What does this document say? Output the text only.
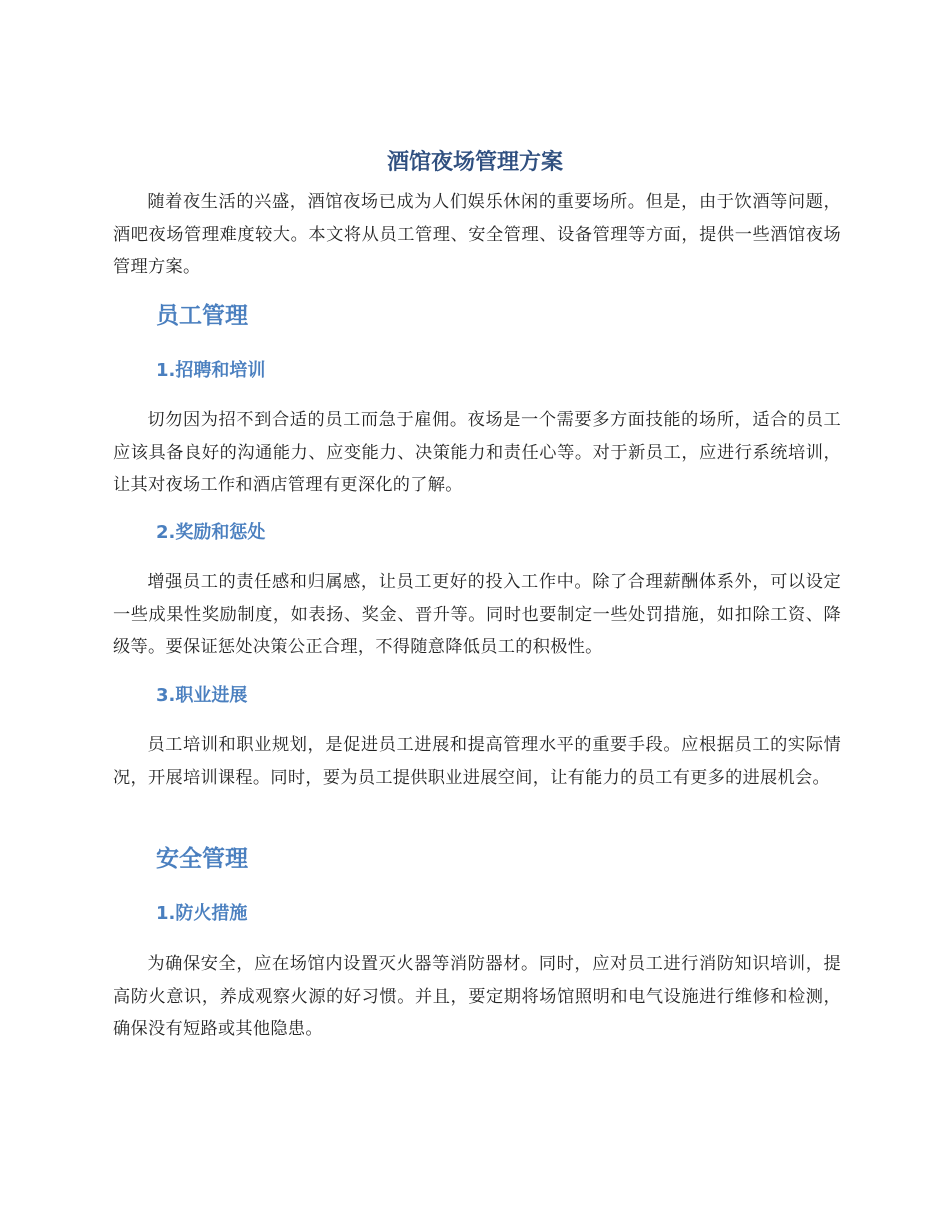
酒馆夜场管理方案

随着夜生活的兴盛，酒馆夜场已成为人们娱乐休闲的重要场所。但是，由于饮酒等问题，酒吧夜场管理难度较大。本文将从员工管理、安全管理、设备管理等方面，提供一些酒馆夜场管理方案。

员工管理
1.招聘和培训

切勿因为招不到合适的员工而急于雇佣。夜场是一个需要多方面技能的场所，适合的员工应该具备良好的沟通能力、应变能力、决策能力和责任心等。对于新员工，应进行系统培训，让其对夜场工作和酒店管理有更深化的了解。

2.奖励和惩处

增强员工的责任感和归属感，让员工更好的投入工作中。除了合理薪酬体系外，可以设定一些成果性奖励制度，如表扬、奖金、晋升等。同时也要制定一些处罚措施，如扣除工资、降级等。要保证惩处决策公正合理，不得随意降低员工的积极性。

3.职业进展

员工培训和职业规划，是促进员工进展和提高管理水平的重要手段。应根据员工的实际情况，开展培训课程。同时，要为员工提供职业进展空间，让有能力的员工有更多的进展机会。

安全管理
1.防火措施

为确保安全，应在场馆内设置灭火器等消防器材。同时，应对员工进行消防知识培训，提高防火意识，养成观察火源的好习惯。并且，要定期将场馆照明和电气设施进行维修和检测，确保没有短路或其他隐患。
